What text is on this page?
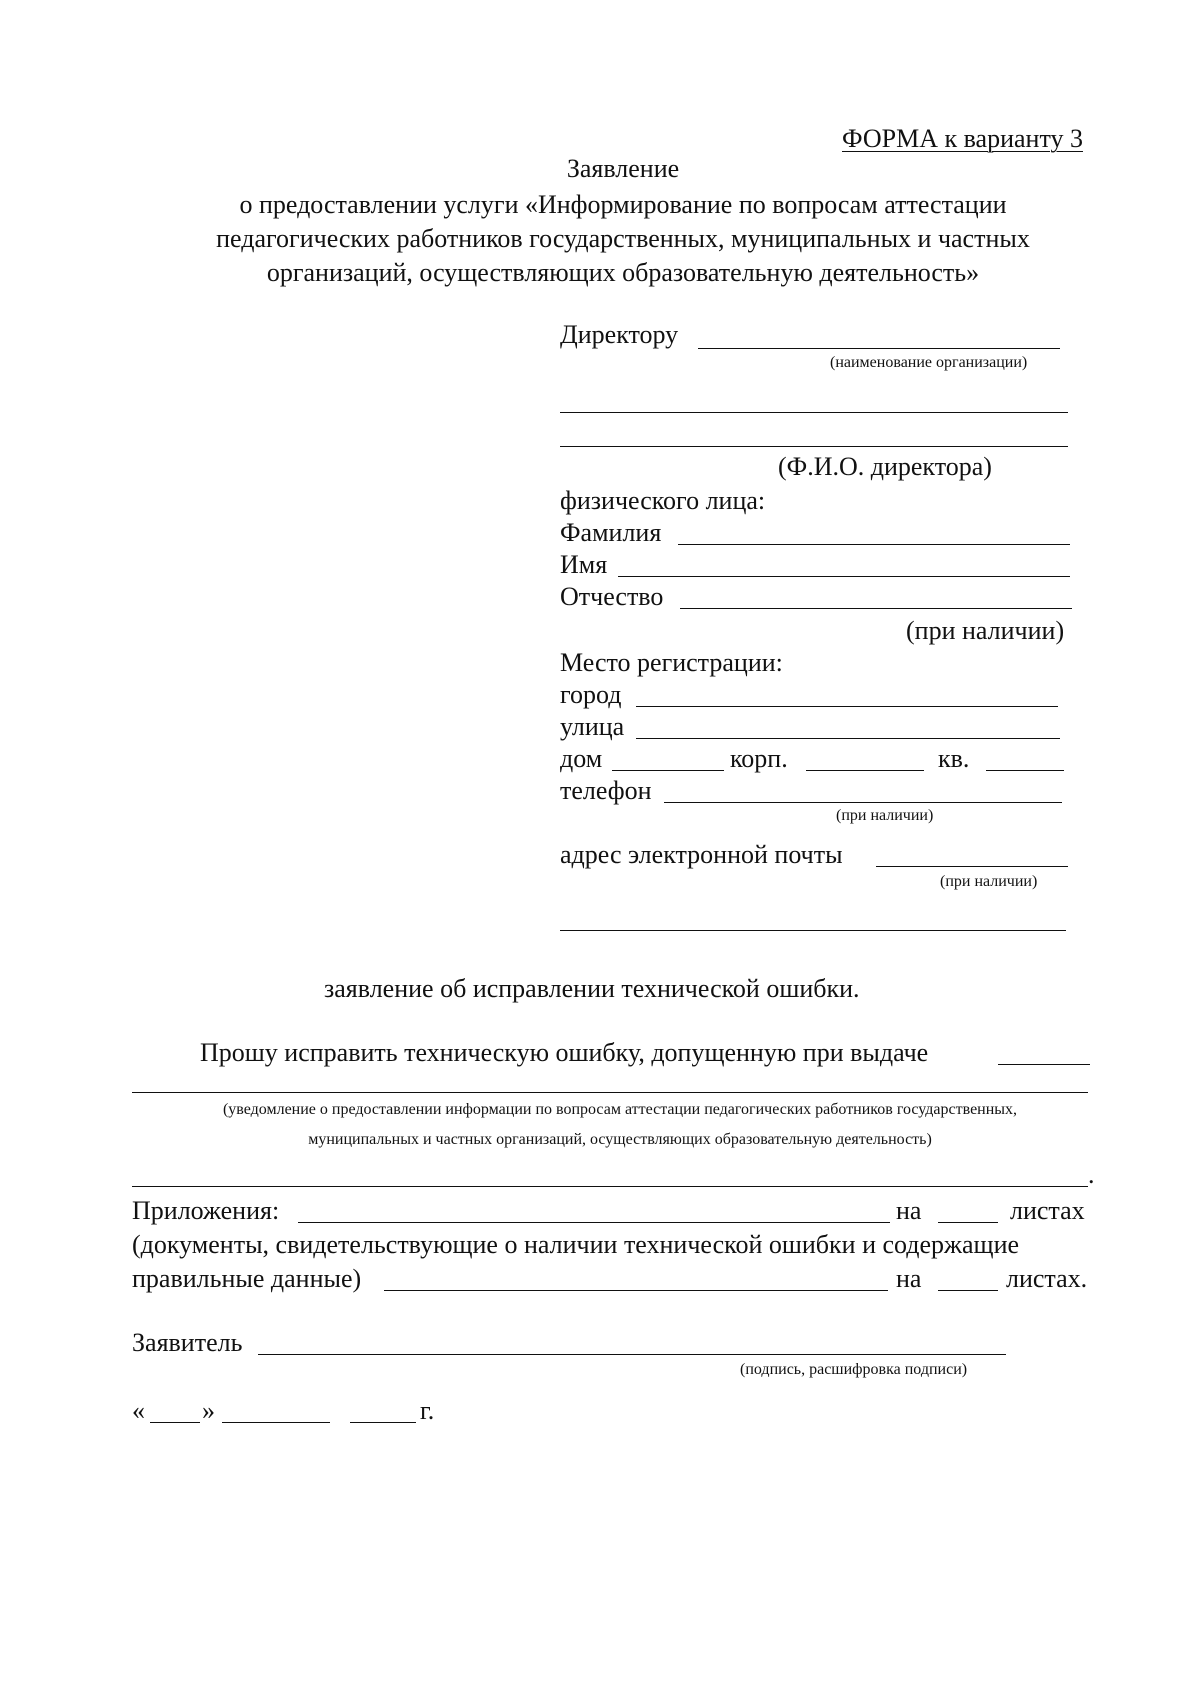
ФОРМА к варианту 3
Заявление
о предоставлении услуги «Информирование по вопросам аттестации
педагогических работников государственных, муниципальных и частных
организаций, осуществляющих образовательную деятельность»
Директору
(наименование организации)
(Ф.И.О. директора)
физического лица:
Фамилия
Имя
Отчество
(при наличии)
Место регистрации:
город
улица
дом	корп.	кв.
телефон
(при наличии)
адрес электронной почты
(при наличии)
заявление об исправлении технической ошибки.
Прошу исправить техническую ошибку, допущенную при выдаче
(уведомление о предоставлении информации по вопросам аттестации педагогических работников государственных,
муниципальных и частных организаций, осуществляющих образовательную деятельность)
.
Приложения:	на	листах
(документы, свидетельствующие о наличии технической ошибки и содержащие
правильные данные)	на	листах.
Заявитель
(подпись, расшифровка подписи)
« »	г.
